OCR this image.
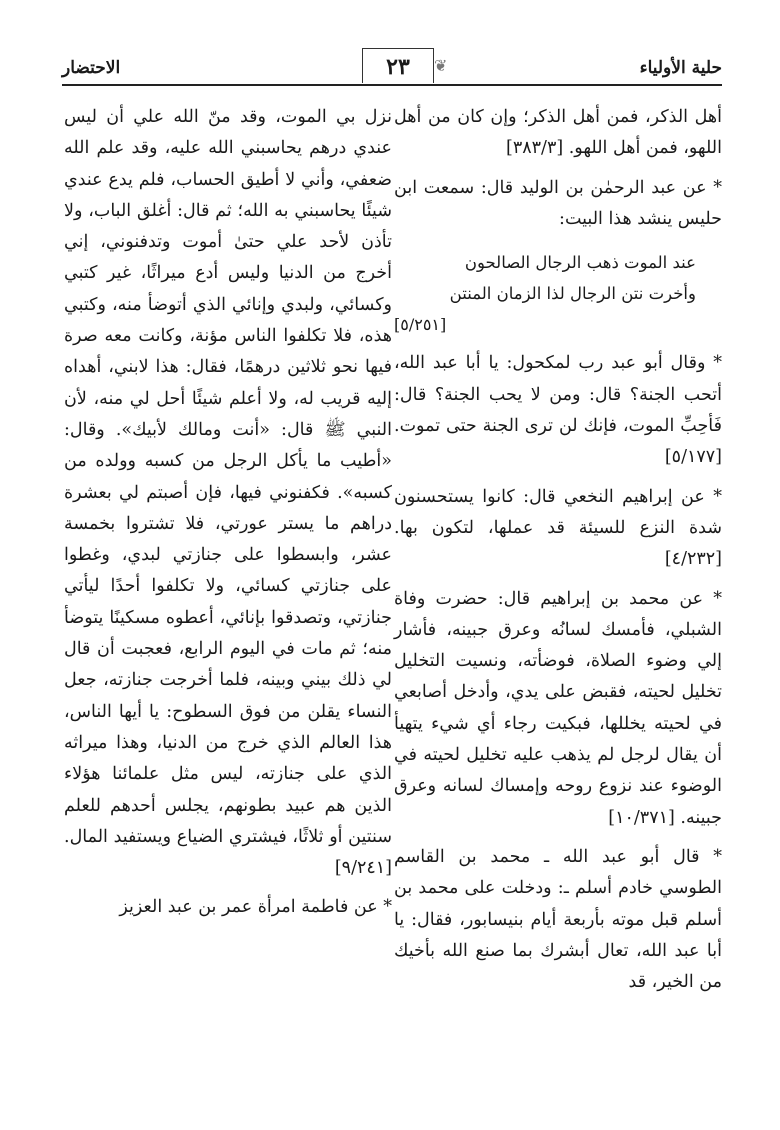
حلية الأولياء
٢٣	❦
الاحتضار

أهل الذكر، فمن أهل الذكر؛ وإن كان من أهل اللهو، فمن أهل اللهو. [٣٨٣/٣]

* عن عبد الرحمٰن بن الوليد قال: سمعت ابن حليس ينشد هذا البيت:

عند الموت ذهب الرجال الصالحون
وأخرت نتن الرجال لذا الزمان المنتن

[٥/٢٥١]

* وقال أبو عبد رب لمكحول: يا أبا عبد الله، أتحب الجنة؟ قال: ومن لا يحب الجنة؟ قال: فَأحِبِّ الموت، فإنك لن ترى الجنة حتى تموت. [٥/١٧٧]

* عن إبراهيم النخعي قال: كانوا يستحسنون شدة النزع للسيئة قد عملها، لتكون بها. [٤/٢٣٢]

* عن محمد بن إبراهيم قال: حضرت وفاة الشبلي، فأمسك لسانُه وعرق جبينه، فأشار إلي وضوء الصلاة، فوضأته، ونسيت التخليل تخليل لحيته، فقبض على يدي، وأدخل أصابعي في لحيته يخللها، فبكيت رجاء أي شيء يتهيأ أن يقال لرجل لم يذهب عليه تخليل لحيته في الوضوء عند نزوع روحه وإمساك لسانه وعرق جبينه. [١٠/٣٧١]

* قال أبو عبد الله ـ محمد بن القاسم الطوسي خادم أسلم ـ: ودخلت على محمد بن أسلم قبل موته بأربعة أيام بنيسابور، فقال: يا أبا عبد الله، تعال أبشرك بما صنع الله بأخيك من الخير، قد

نزل بي الموت، وقد منّ الله علي أن ليس عندي درهم يحاسبني الله عليه، وقد علم الله ضعفي، وأني لا أطيق الحساب، فلم يدع عندي شيئًا يحاسبني به الله؛ ثم قال: أغلق الباب، ولا تأذن لأحد علي حتىٰ أموت وتدفنوني، إني أخرج من الدنيا وليس أدع ميراثًا، غير كتبي وكسائي، ولبدي وإنائي الذي أتوضأ منه، وكتبي هذه، فلا تكلفوا الناس مؤنة، وكانت معه صرة فيها نحو ثلاثين درهمًا، فقال: هذا لابني، أهداه إليه قريب له، ولا أعلم شيئًا أحل لي منه، لأن النبي ﷺ قال: «أنت ومالك لأبيك». وقال: «أطيب ما يأكل الرجل من كسبه وولده من كسبه». فكفنوني فيها، فإن أصبتم لي بعشرة دراهم ما يستر عورتي، فلا تشتروا بخمسة عشر، وابسطوا على جنازتي لبدي، وغطوا على جنازتي كسائي، ولا تكلفوا أحدًا ليأتي جنازتي، وتصدقوا بإنائي، أعطوه مسكينًا يتوضأ منه؛ ثم مات في اليوم الرابع، فعجبت أن قال لي ذلك بيني وبينه، فلما أخرجت جنازته، جعل النساء يقلن من فوق السطوح: يا أيها الناس، هذا العالم الذي خرج من الدنيا، وهذا ميراثه الذي على جنازته، ليس مثل علمائنا هؤلاء الذين هم عبيد بطونهم، يجلس أحدهم للعلم سنتين أو ثلاثًا، فيشتري الضياع ويستفيد المال. [٩/٢٤١]

* عن فاطمة امرأة عمر بن عبد العزيز
